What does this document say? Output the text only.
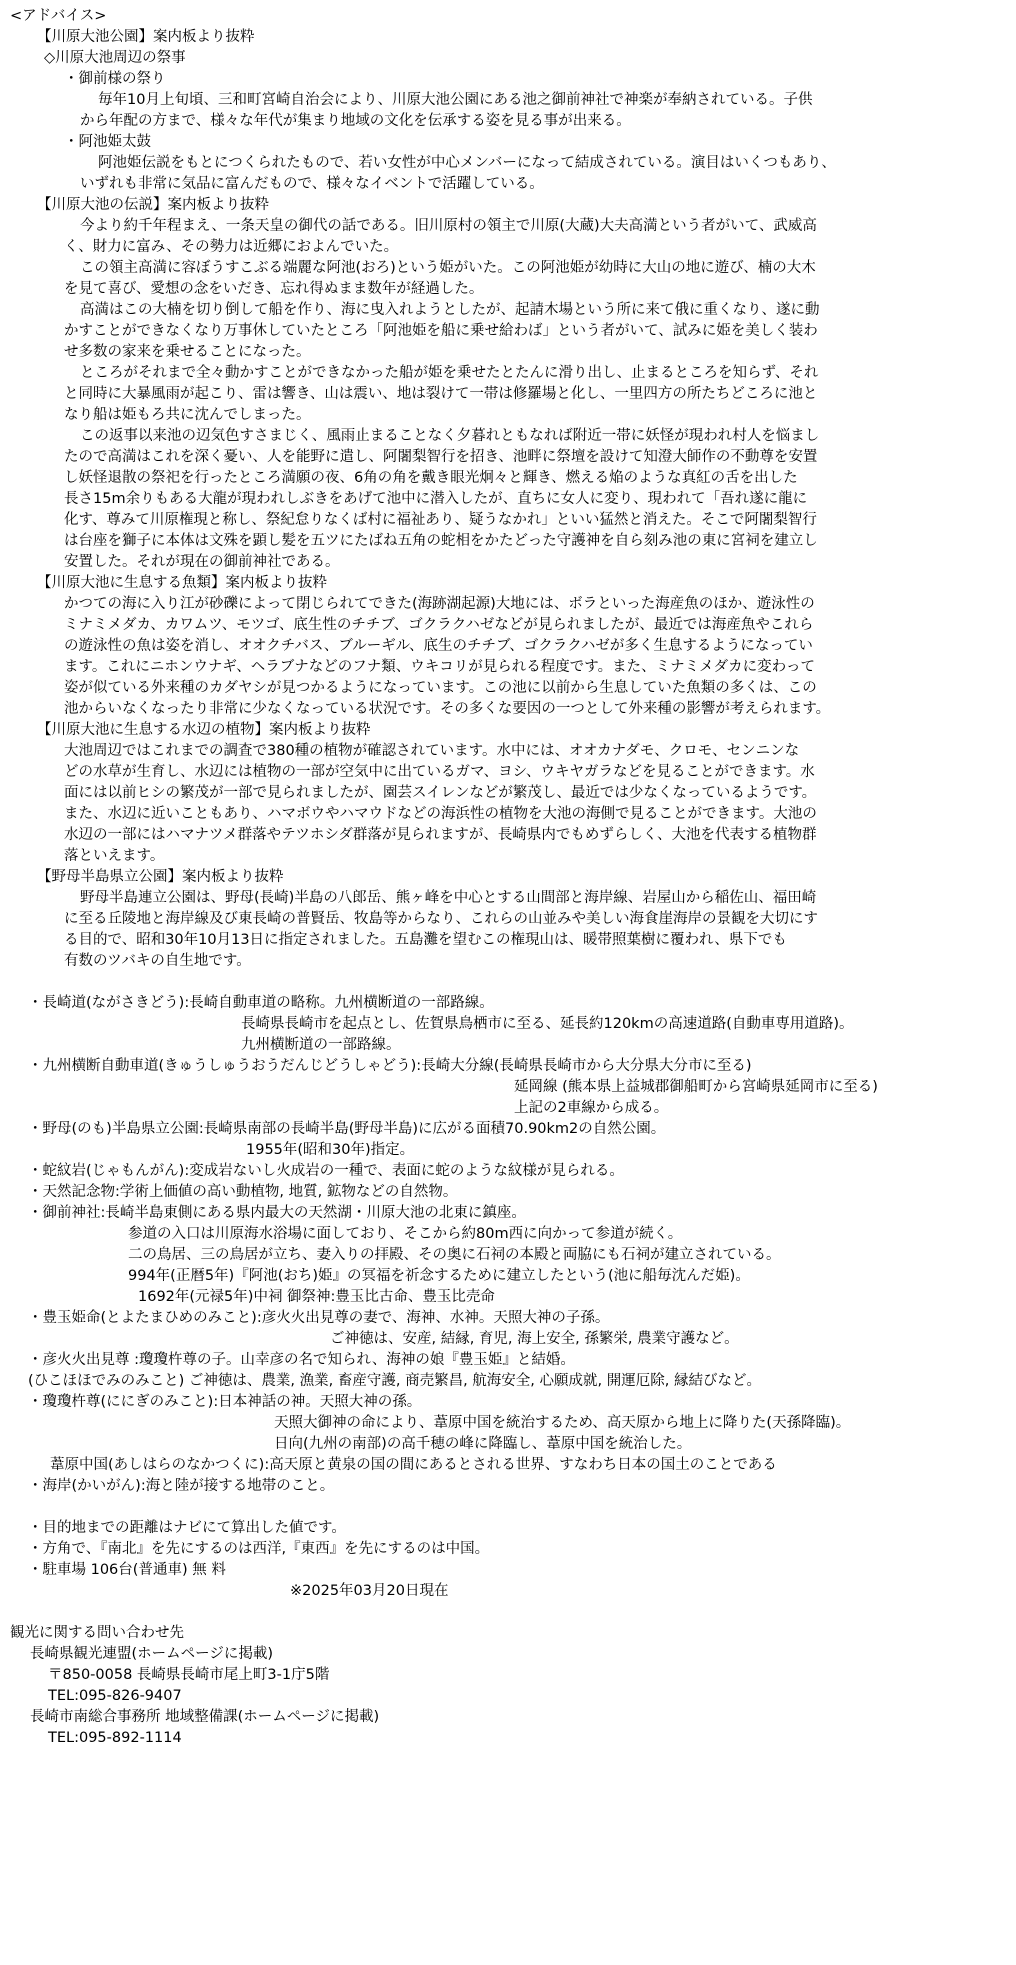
<アドバイス>
【川原大池公園】案内板より抜粋
◇川原大池周辺の祭事
・御前様の祭り
毎年10月上旬頃、三和町宮崎自治会により、川原大池公園にある池之御前神社で神楽が奉納されている。子供
から年配の方まで、様々な年代が集まり地域の文化を伝承する姿を見る事が出来る。
・阿池姫太鼓
阿池姫伝説をもとにつくられたもので、若い女性が中心メンバーになって結成されている。演目はいくつもあり、
いずれも非常に気品に富んだもので、様々なイベントで活躍している。
【川原大池の伝説】案内板より抜粋
今より約千年程まえ、一条天皇の御代の話である。旧川原村の領主で川原(大蔵)大夫高満という者がいて、武威高
く、財力に富み、その勢力は近郷におよんでいた。
この領主高満に容ぼうすこぶる端麗な阿池(おろ)という姫がいた。この阿池姫が幼時に大山の地に遊び、楠の大木
を見て喜び、愛想の念をいだき、忘れ得ぬまま数年が経過した。
高満はこの大楠を切り倒して船を作り、海に曳入れようとしたが、起請木場という所に来て俄に重くなり、遂に動
かすことができなくなり万事休していたところ「阿池姫を船に乗せ給わば」という者がいて、試みに姫を美しく装わ
せ多数の家来を乗せることになった。
ところがそれまで全々動かすことができなかった船が姫を乗せたとたんに滑り出し、止まるところを知らず、それ
と同時に大暴風雨が起こり、雷は響き、山は震い、地は裂けて一帯は修羅場と化し、一里四方の所たちどころに池と
なり船は姫もろ共に沈んでしまった。
この返事以来池の辺気色すさまじく、風雨止まることなく夕暮れともなれば附近一帯に妖怪が現われ村人を悩まし
たので高満はこれを深く憂い、人を能野に遣し、阿闍梨智行を招き、池畔に祭壇を設けて知澄大師作の不動尊を安置
し妖怪退散の祭祀を行ったところ満願の夜、6角の角を戴き眼光炯々と輝き、燃える焔のような真紅の舌を出した
長さ15m余りもある大龍が現われしぶきをあげて池中に潜入したが、直ちに女人に変り、現われて「吾れ遂に龍に
化す、尊みて川原権現と称し、祭紀怠りなくば村に福祉あり、疑うなかれ」といい猛然と消えた。そこで阿闍梨智行
は台座を獅子に本体は文殊を顕し髪を五ツにたばね五角の蛇相をかたどった守護神を自ら刻み池の東に宮祠を建立し
安置した。それが現在の御前神社である。
【川原大池に生息する魚類】案内板より抜粋
かつての海に入り江が砂礫によって閉じられてできた(海跡湖起源)大地には、ボラといった海産魚のほか、遊泳性の
ミナミメダカ、カワムツ、モツゴ、底生性のチチブ、ゴクラクハゼなどが見られましたが、最近では海産魚やこれら
の遊泳性の魚は姿を消し、オオクチバス、ブルーギル、底生のチチブ、ゴクラクハゼが多く生息するようになってい
ます。これにニホンウナギ、ヘラブナなどのフナ類、ウキコリが見られる程度です。また、ミナミメダカに変わって
姿が似ている外来種のカダヤシが見つかるようになっています。この池に以前から生息していた魚類の多くは、この
池からいなくなったり非常に少なくなっている状況です。その多くな要因の一つとして外来種の影響が考えられます。
【川原大池に生息する水辺の植物】案内板より抜粋
大池周辺ではこれまでの調査で380種の植物が確認されています。水中には、オオカナダモ、クロモ、センニンな
どの水草が生育し、水辺には植物の一部が空気中に出ているガマ、ヨシ、ウキヤガラなどを見ることができます。水
面には以前ヒシの繁茂が一部で見られましたが、園芸スイレンなどが繁茂し、最近では少なくなっているようです。
また、水辺に近いこともあり、ハマボウやハマウドなどの海浜性の植物を大池の海側で見ることができます。大池の
水辺の一部にはハマナツメ群落やテツホシダ群落が見られますが、長崎県内でもめずらしく、大池を代表する植物群
落といえます。
【野母半島県立公園】案内板より抜粋
野母半島連立公園は、野母(長崎)半島の八郎岳、熊ヶ峰を中心とする山間部と海岸線、岩屋山から稲佐山、福田崎
に至る丘陵地と海岸線及び東長崎の普賢岳、牧島等からなり、これらの山並みや美しい海食崖海岸の景観を大切にす
る目的で、昭和30年10月13日に指定されました。五島灘を望むこの権現山は、暖帯照葉樹に覆われ、県下でも
有数のツバキの自生地です。
・長崎道(ながさきどう):長崎自動車道の略称。九州横断道の一部路線。
長崎県長崎市を起点とし、佐賀県鳥栖市に至る、延長約120kmの高速道路(自動車専用道路)。
九州横断道の一部路線。
・九州横断自動車道(きゅうしゅうおうだんじどうしゃどう):長崎大分線(長崎県長崎市から大分県大分市に至る)
延岡線 (熊本県上益城郡御船町から宮崎県延岡市に至る)
上記の2車線から成る。
・野母(のも)半島県立公園:長崎県南部の長崎半島(野母半島)に広がる面積70.90km2の自然公園。
1955年(昭和30年)指定。
・蛇紋岩(じゃもんがん):変成岩ないし火成岩の一種で、表面に蛇のような紋様が見られる。
・天然記念物:学術上価値の高い動植物, 地質, 鉱物などの自然物。
・御前神社:長崎半島東側にある県内最大の天然湖・川原大池の北東に鎮座。
参道の入口は川原海水浴場に面しており、そこから約80m西に向かって参道が続く。
二の鳥居、三の鳥居が立ち、妻入りの拝殿、その奥に石祠の本殿と両脇にも石祠が建立されている。
994年(正暦5年)『阿池(おち)姫』の冥福を祈念するために建立したという(池に船毎沈んだ姫)。
1692年(元禄5年)中祠 御祭神:豊玉比古命、豊玉比売命
・豊玉姫命(とよたまひめのみこと):彦火火出見尊の妻で、海神、水神。天照大神の子孫。
ご神徳は、安産, 結縁, 育児, 海上安全, 孫繁栄, 農業守護など。
・彦火火出見尊 :瓊瓊杵尊の子。山幸彦の名で知られ、海神の娘『豊玉姫』と結婚。
(ひこほほでみのみこと) ご神徳は、農業, 漁業, 畜産守護, 商売繁昌, 航海安全, 心願成就, 開運厄除, 縁結びなど。
・瓊瓊杵尊(ににぎのみこと):日本神話の神。天照大神の孫。
天照大御神の命により、葦原中国を統治するため、高天原から地上に降りた(天孫降臨)。
日向(九州の南部)の高千穂の峰に降臨し、葦原中国を統治した。
葦原中国(あしはらのなかつくに):高天原と黄泉の国の間にあるとされる世界、すなわち日本の国土のことである
・海岸(かいがん):海と陸が接する地帯のこと。
・目的地までの距離はナビにて算出した値です。
・方角で、『南北』を先にするのは西洋,『東西』を先にするのは中国。
・駐車場 106台(普通車) 無 料
※2025年03月20日現在
観光に関する問い合わせ先
長崎県観光連盟(ホームページに掲載)
〒850-0058 長崎県長崎市尾上町3-1庁5階
TEL:095-826-9407
長崎市南総合事務所 地域整備課(ホームページに掲載)
TEL:095-892-1114
